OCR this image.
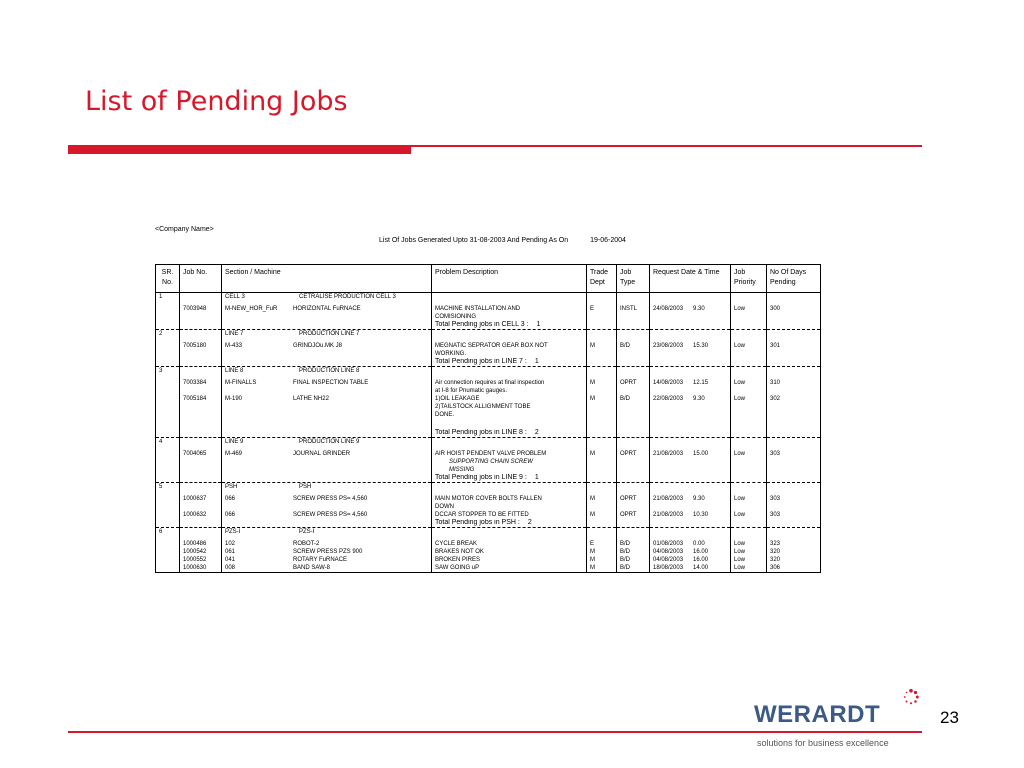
List of Pending Jobs
<Company Name>
List Of Jobs Generated Upto 31-08-2003 And Pending As On	19-06-2004
SR. No.	Job No.	Section / Machine	Problem Description	Trade Dept	Job Type	Request Date & Time	Job Priority	No Of Days Pending
1		CELL 3 CETRALISE PRODUCTION CELL 3						
	7003948	M-NEW_HOR_FuR HORIZONTAL FuRNACE	MACHINE INSTALLATION AND
COMISIONING	E	INSTL	24/08/2003 9.30	Low	300
			Total Pending jobs in CELL 3 : 1					
2		LINE 7 PRODUCTION LINE 7						
	7005180	M-433 GRINDJOu.MK J8	MEGNATIC SEPRATOR GEAR BOX NOT
WORKING.	M	B/D	23/08/2003 15.30	Low	301
			Total Pending jobs in LINE 7 : 1					
3		LINE 8 PRODUCTION LINE 8						
	7003384	M-FINALLS FINAL INSPECTION TABLE	Air connection requires at final inspection
at I-8 for Pnumatic gauges.	M	OPRT	14/08/2003 12.15	Low	310
	7005184	M-190 LATHE NH22	1)OIL LEAKAGE
2)TAILSTOCK ALLIGNMENT TOBE
DONE.	M	B/D	22/08/2003 9.30	Low	302

			Total Pending jobs in LINE 8 : 2					
4		LINE 9 PRODUCTION LINE 9						
	7004065	M-469 JOURNAL GRINDER	AIR HOIST PENDENT VALVE PROBLEM
SUPPORTING CHAIN SCREW
MISSING	M	OPRT	21/08/2003 15.00	Low	303
			Total Pending jobs in LINE 9 : 1					
5		PSH PSH						
	1000637	066 SCREW PRESS PS= 4,560	MAIN MOTOR COVER BOLTS FALLEN
DOWN	M	OPRT	21/08/2003 9.30	Low	303
	1000632	066 SCREW PRESS PS= 4,560	DCCAR STOPPER TO BE FITTED	M	OPRT	21/08/2003 10.30	Low	303
			Total Pending jobs in PSH : 2					
6		PZS-I PZS-I						
	1000486	102 ROBOT-2	CYCLE BREAK	E	B/D	01/08/2003 0.00	Low	323
	1000542	061 SCREW PRESS PZS 900	BRAKES NOT OK	M	B/D	04/08/2003 16.00	Low	320
	1000552	041 ROTARY FuRNACE	BROKEN PIRES	M	B/D	04/08/2003 16.00	Low	320
	1000630	008 BAND SAW-8	SAW GOING uP	M	B/D	18/08/2003 14.00	Low	306
WERARDT
solutions for business excellence
23
